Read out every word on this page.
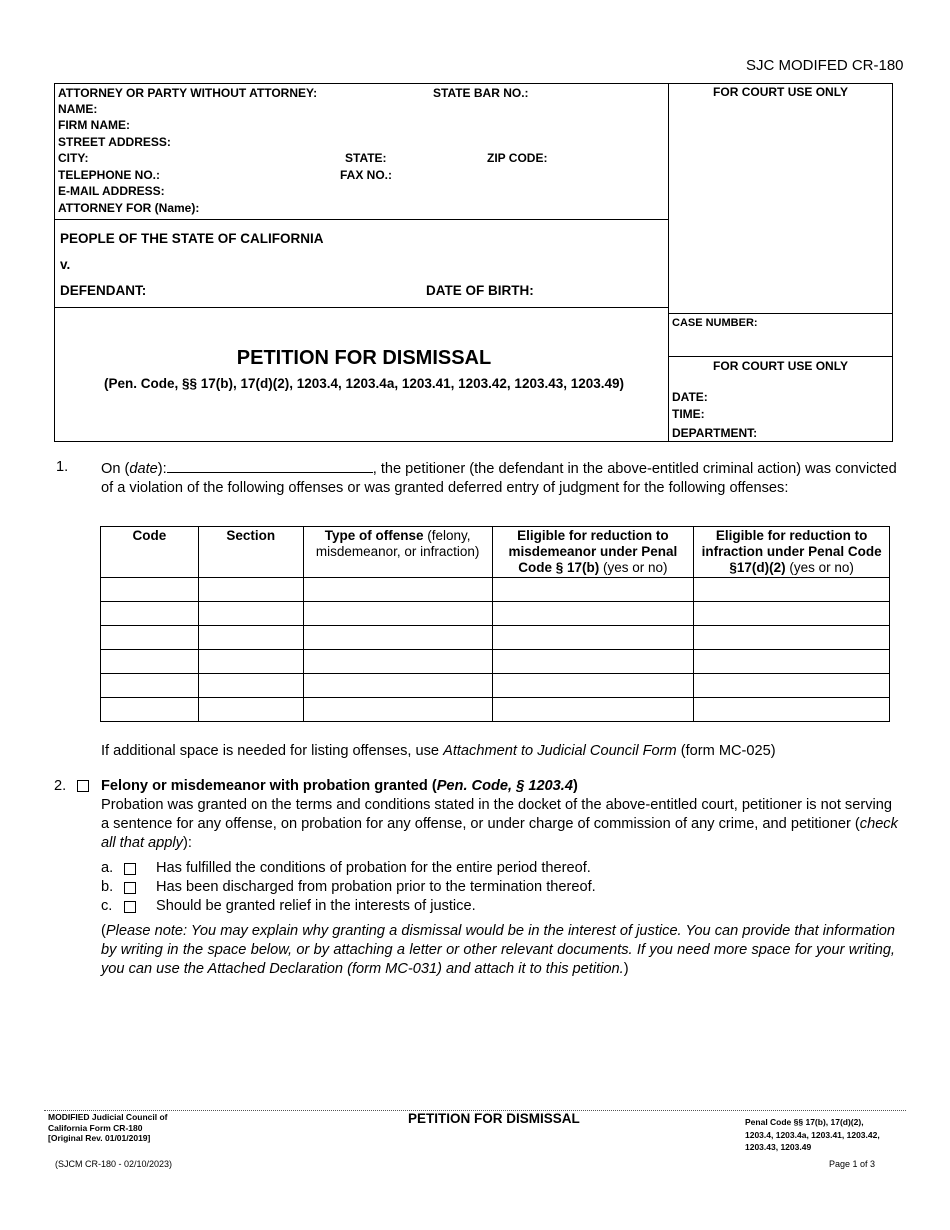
SJC MODIFED CR-180
ATTORNEY OR PARTY WITHOUT ATTORNEY:	STATE BAR NO.:
NAME:
FIRM NAME:
STREET ADDRESS:
CITY:	STATE:	ZIP CODE:
TELEPHONE NO.:	FAX NO.:
E-MAIL ADDRESS:
ATTORNEY FOR (Name):
FOR COURT USE ONLY
PEOPLE OF THE STATE OF CALIFORNIA
v.
DEFENDANT:	DATE OF BIRTH:
PETITION FOR DISMISSAL
(Pen. Code, §§ 17(b), 17(d)(2), 1203.4, 1203.4a, 1203.41, 1203.42, 1203.43, 1203.49)
CASE NUMBER:
FOR COURT USE ONLY
DATE:
TIME:
DEPARTMENT:
1. On (date):	, the petitioner (the defendant in the above-entitled criminal action) was convicted of a violation of the following offenses or was granted deferred entry of judgment for the following offenses:
Code	Section	Type of offense (felony, misdemeanor, or infraction)	Eligible for reduction to misdemeanor under Penal Code § 17(b) (yes or no)	Eligible for reduction to infraction under Penal Code §17(d)(2) (yes or no)

If additional space is needed for listing offenses, use Attachment to Judicial Council Form (form MC-025)
2. Felony or misdemeanor with probation granted (Pen. Code, § 1203.4)
Probation was granted on the terms and conditions stated in the docket of the above-entitled court, petitioner is not serving a sentence for any offense, on probation for any offense, or under charge of commission of any crime, and petitioner (check all that apply):
a.	Has fulfilled the conditions of probation for the entire period thereof.
b.	Has been discharged from probation prior to the termination thereof.
c.	Should be granted relief in the interests of justice.
(Please note: You may explain why granting a dismissal would be in the interest of justice. You can provide that information by writing in the space below, or by attaching a letter or other relevant documents. If you need more space for your writing, you can use the Attached Declaration (form MC-031) and attach it to this petition.)
MODIFIED Judicial Council of
California Form CR-180
[Original Rev. 01/01/2019]
PETITION FOR DISMISSAL	Penal Code §§ 17(b), 17(d)(2),
1203.4, 1203.4a, 1203.41, 1203.42,
1203.43, 1203.49
(SJCM CR-180 - 02/10/2023)	Page 1 of 3
